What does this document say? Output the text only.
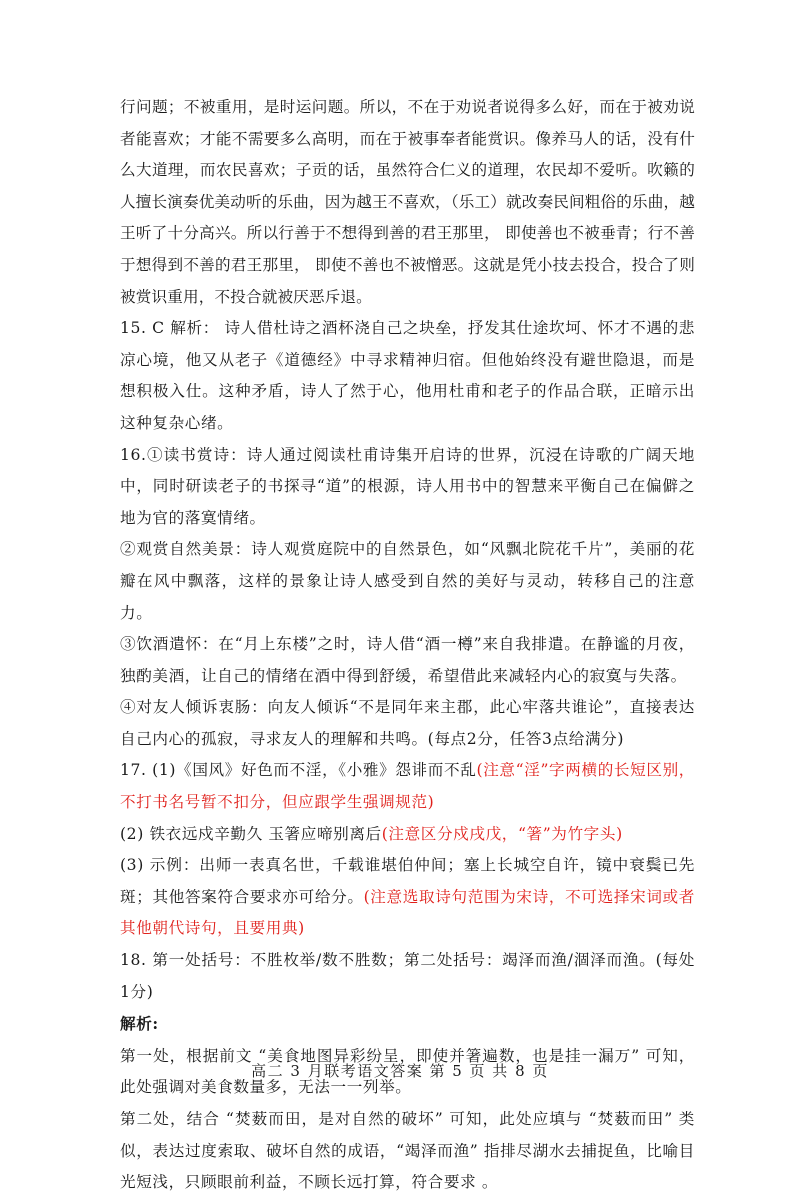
行问题；不被重用，是时运问题。所以，不在于劝说者说得多么好，而在于被劝说者能喜欢；才能不需要多么高明，而在于被事奉者能赏识。像养马人的话，没有什么大道理，而农民喜欢；子贡的话，虽然符合仁义的道理，农民却不爱听。吹籁的人擅长演奏优美动听的乐曲，因为越王不喜欢，（乐工）就改奏民间粗俗的乐曲，越王听了十分高兴。所以行善于不想得到善的君王那里， 即使善也不被垂青；行不善于想得到不善的君王那里， 即使不善也不被憎恶。这就是凭小技去投合，投合了则被赏识重用，不投合就被厌恶斥退。

15. C 解析： 诗人借杜诗之酒杯浇自己之块垒，抒发其仕途坎坷、怀才不遇的悲凉心境，他又从老子《道德经》中寻求精神归宿。但他始终没有避世隐退，而是想积极入仕。这种矛盾，诗人了然于心，他用杜甫和老子的作品合联，正暗示出这种复杂心绪。

16.①读书赏诗：诗人通过阅读杜甫诗集开启诗的世界，沉浸在诗歌的广阔天地中，同时研读老子的书探寻“道”的根源，诗人用书中的智慧来平衡自己在偏僻之地为官的落寞情绪。

②观赏自然美景：诗人观赏庭院中的自然景色，如“风飘北院花千片”，美丽的花瓣在风中飘落，这样的景象让诗人感受到自然的美好与灵动，转移自己的注意力。

③饮酒遣怀：在“月上东楼”之时，诗人借“酒一樽”来自我排遣。在静谧的月夜，独酌美酒，让自己的情绪在酒中得到舒缓，希望借此来减轻内心的寂寞与失落。

④对友人倾诉衷肠：向友人倾诉“不是同年来主郡，此心牢落共谁论”，直接表达自己内心的孤寂，寻求友人的理解和共鸣。(每点2分，任答3点给满分)

17. (1)《国风》好色而不淫，《小雅》怨诽而不乱(注意“淫”字两横的长短区别，不打书名号暂不扣分，但应跟学生强调规范)

(2) 铁衣远戍辛勤久 玉箸应啼别离后(注意区分戍戌戊，“箸”为竹字头)

(3) 示例：出师一表真名世，千载谁堪伯仲间；塞上长城空自许，镜中衰鬓已先斑；其他答案符合要求亦可给分。(注意选取诗句范围为宋诗，不可选择宋词或者其他朝代诗句，且要用典)

18. 第一处括号：不胜枚举/数不胜数；第二处括号：竭泽而渔/涸泽而渔。(每处1分)

解析:

第一处，根据前文 “美食地图异彩纷呈，即使并箸遍数，也是挂一漏万” 可知，此处强调对美食数量多，无法一一列举。

第二处，结合 “焚薮而田，是对自然的破坏” 可知，此处应填与 “焚薮而田” 类似，表达过度索取、破坏自然的成语，“竭泽而渔” 指排尽湖水去捕捉鱼，比喻目光短浅，只顾眼前利益，不顾长远打算，符合要求 。

高二 3 月联考语文答案 第 5 页 共 8 页
